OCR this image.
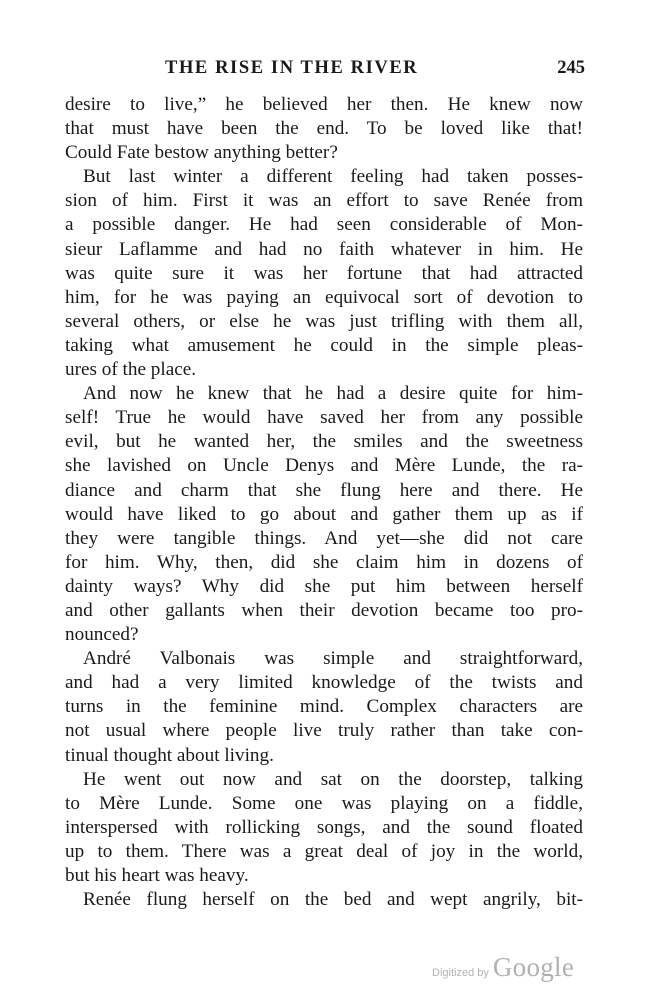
THE RISE IN THE RIVER	245

desire to live,” he believed her then. He knew now
that must have been the end. To be loved like that!
Could Fate bestow anything better?

But last winter a different feeling had taken posses-
sion of him. First it was an effort to save Renée from
a possible danger. He had seen considerable of Mon-
sieur Laflamme and had no faith whatever in him. He
was quite sure it was her fortune that had attracted
him, for he was paying an equivocal sort of devotion to
several others, or else he was just trifling with them all,
taking what amusement he could in the simple pleas-
ures of the place.

And now he knew that he had a desire quite for him-
self! True he would have saved her from any possible
evil, but he wanted her, the smiles and the sweetness
she lavished on Uncle Denys and Mère Lunde, the ra-
diance and charm that she flung here and there. He
would have liked to go about and gather them up as if
they were tangible things. And yet—she did not care
for him. Why, then, did she claim him in dozens of
dainty ways? Why did she put him between herself
and other gallants when their devotion became too pro-
nounced?

André Valbonais was simple and straightforward,
and had a very limited knowledge of the twists and
turns in the feminine mind. Complex characters are
not usual where people live truly rather than take con-
tinual thought about living.

He went out now and sat on the doorstep, talking
to Mère Lunde. Some one was playing on a fiddle,
interspersed with rollicking songs, and the sound floated
up to them. There was a great deal of joy in the world,
but his heart was heavy.

Renée flung herself on the bed and wept angrily, bit-

Digitized by Google
